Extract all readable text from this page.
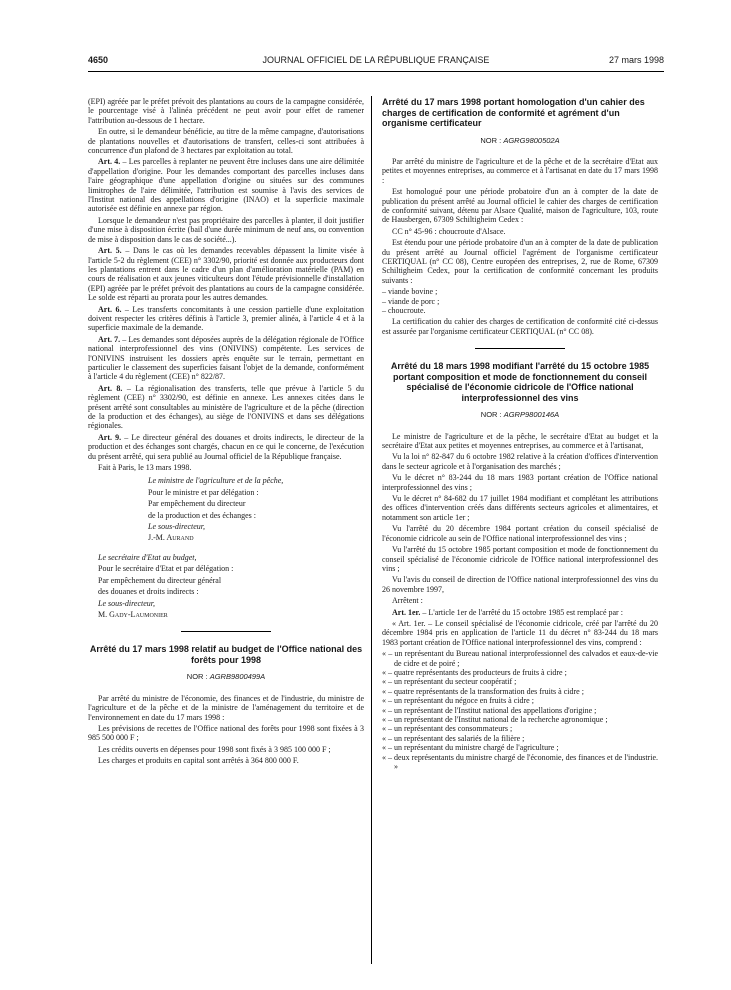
4650	JOURNAL OFFICIEL DE LA RÉPUBLIQUE FRANÇAISE	27 mars 1998

(EPI) agréée par le préfet prévoit des plantations au cours de la campagne considérée, le pourcentage visé à l'alinéa précédent ne peut avoir pour effet de ramener l'attribution au-dessous de 1 hectare.

En outre, si le demandeur bénéficie, au titre de la même campagne, d'autorisations de plantations nouvelles et d'autorisations de transfert, celles-ci sont attribuées à concurrence d'un plafond de 3 hectares par exploitation au total.

Art. 4. – Les parcelles à replanter ne peuvent être incluses dans une aire délimitée d'appellation d'origine. Pour les demandes comportant des parcelles incluses dans l'aire géographique d'une appellation d'origine ou situées sur des communes limitrophes de l'aire délimitée, l'attribution est soumise à l'avis des services de l'Institut national des appellations d'origine (INAO) et la superficie maximale autorisée est définie en annexe par région.

Lorsque le demandeur n'est pas propriétaire des parcelles à planter, il doit justifier d'une mise à disposition écrite (bail d'une durée minimum de neuf ans, ou convention de mise à disposition dans le cas de société...).

Art. 5. – Dans le cas où les demandes recevables dépassent la limite visée à l'article 5-2 du règlement (CEE) n° 3302/90, priorité est donnée aux producteurs dont les plantations entrent dans le cadre d'un plan d'amélioration matérielle (PAM) en cours de réalisation et aux jeunes viticulteurs dont l'étude prévisionnelle d'installation (EPI) agréée par le préfet prévoit des plantations au cours de la campagne considérée. Le solde est réparti au prorata pour les autres demandes.

Art. 6. – Les transferts concomitants à une cession partielle d'une exploitation doivent respecter les critères définis à l'article 3, premier alinéa, à l'article 4 et à la superficie maximale de la demande.

Art. 7. – Les demandes sont déposées auprès de la délégation régionale de l'Office national interprofessionnel des vins (ONIVINS) compétente. Les services de l'ONIVINS instruisent les dossiers après enquête sur le terrain, permettant en particulier le classement des superficies faisant l'objet de la demande, conformément à l'article 4 du règlement (CEE) n° 822/87.

Art. 8. – La régionalisation des transferts, telle que prévue à l'article 5 du règlement (CEE) n° 3302/90, est définie en annexe. Les annexes citées dans le présent arrêté sont consultables au ministère de l'agriculture et de la pêche (direction de la production et des échanges), au siège de l'ONIVINS et dans ses délégations régionales.

Art. 9. – Le directeur général des douanes et droits indirects, le directeur de la production et des échanges sont chargés, chacun en ce qui le concerne, de l'exécution du présent arrêté, qui sera publié au Journal officiel de la République française.

Fait à Paris, le 13 mars 1998.

Le ministre de l'agriculture et de la pêche,

Pour le ministre et par délégation :

Par empêchement du directeur

de la production et des échanges :

Le sous-directeur,

J.-M. Aurand

Le secrétaire d'Etat au budget,

Pour le secrétaire d'Etat et par délégation :

Par empêchement du directeur général

des douanes et droits indirects :

Le sous-directeur,

M. Gady-Laumonier

Arrêté du 17 mars 1998 relatif au budget de l'Office national des forêts pour 1998
NOR : AGRB9800499A

Par arrêté du ministre de l'économie, des finances et de l'industrie, du ministre de l'agriculture et de la pêche et de la ministre de l'aménagement du territoire et de l'environnement en date du 17 mars 1998 :

Les prévisions de recettes de l'Office national des forêts pour 1998 sont fixées à 3 985 500 000 F ;

Les crédits ouverts en dépenses pour 1998 sont fixés à 3 985 100 000 F ;

Les charges et produits en capital sont arrêtés à 364 800 000 F.

Arrêté du 17 mars 1998 portant homologation d'un cahier des charges de certification de conformité et agrément d'un organisme certificateur
NOR : AGRG9800502A

Par arrêté du ministre de l'agriculture et de la pêche et de la secrétaire d'Etat aux petites et moyennes entreprises, au commerce et à l'artisanat en date du 17 mars 1998 :

Est homologué pour une période probatoire d'un an à compter de la date de publication du présent arrêté au Journal officiel le cahier des charges de certification de conformité suivant, détenu par Alsace Qualité, maison de l'agriculture, 103, route de Hausbergen, 67309 Schiltigheim Cedex :

CC n° 45-96 : choucroute d'Alsace.

Est étendu pour une période probatoire d'un an à compter de la date de publication du présent arrêté au Journal officiel l'agrément de l'organisme certificateur CERTIQUAL (n° CC 08), Centre européen des entreprises, 2, rue de Rome, 67309 Schiltigheim Cedex, pour la certification de conformité concernant les produits suivants :

– viande bovine ;
– viande de porc ;
– choucroute.

La certification du cahier des charges de certification de conformité cité ci-dessus est assurée par l'organisme certificateur CERTIQUAL (n° CC 08).

Arrêté du 18 mars 1998 modifiant l'arrêté du 15 octobre 1985 portant composition et mode de fonctionnement du conseil spécialisé de l'économie cidricole de l'Office national interprofessionnel des vins
NOR : AGRP9800146A

Le ministre de l'agriculture et de la pêche, le secrétaire d'Etat au budget et la secrétaire d'Etat aux petites et moyennes entreprises, au commerce et à l'artisanat,

Vu la loi n° 82-847 du 6 octobre 1982 relative à la création d'offices d'intervention dans le secteur agricole et à l'organisation des marchés ;

Vu le décret n° 83-244 du 18 mars 1983 portant création de l'Office national interprofessionnel des vins ;

Vu le décret n° 84-682 du 17 juillet 1984 modifiant et complétant les attributions des offices d'intervention créés dans différents secteurs agricoles et alimentaires, et notamment son article 1er ;

Vu l'arrêté du 20 décembre 1984 portant création du conseil spécialisé de l'économie cidricole au sein de l'Office national interprofessionnel des vins ;

Vu l'arrêté du 15 octobre 1985 portant composition et mode de fonctionnement du conseil spécialisé de l'économie cidricole de l'Office national interprofessionnel des vins ;

Vu l'avis du conseil de direction de l'Office national interprofessionnel des vins du 26 novembre 1997,

Arrêtent :

Art. 1er. – L'article 1er de l'arrêté du 15 octobre 1985 est remplacé par :

« Art. 1er. – Le conseil spécialisé de l'économie cidricole, créé par l'arrêté du 20 décembre 1984 pris en application de l'article 11 du décret n° 83-244 du 18 mars 1983 portant création de l'Office national interprofessionnel des vins, comprend :

« – un représentant du Bureau national interprofessionnel des calvados et eaux-de-vie de cidre et de poiré ;
« – quatre représentants des producteurs de fruits à cidre ;
« – un représentant du secteur coopératif ;
« – quatre représentants de la transformation des fruits à cidre ;
« – un représentant du négoce en fruits à cidre ;
« – un représentant de l'Institut national des appellations d'origine ;
« – un représentant de l'Institut national de la recherche agronomique ;
« – un représentant des consommateurs ;
« – un représentant des salariés de la filière ;
« – un représentant du ministre chargé de l'agriculture ;
« – deux représentants du ministre chargé de l'économie, des finances et de l'industrie. »
